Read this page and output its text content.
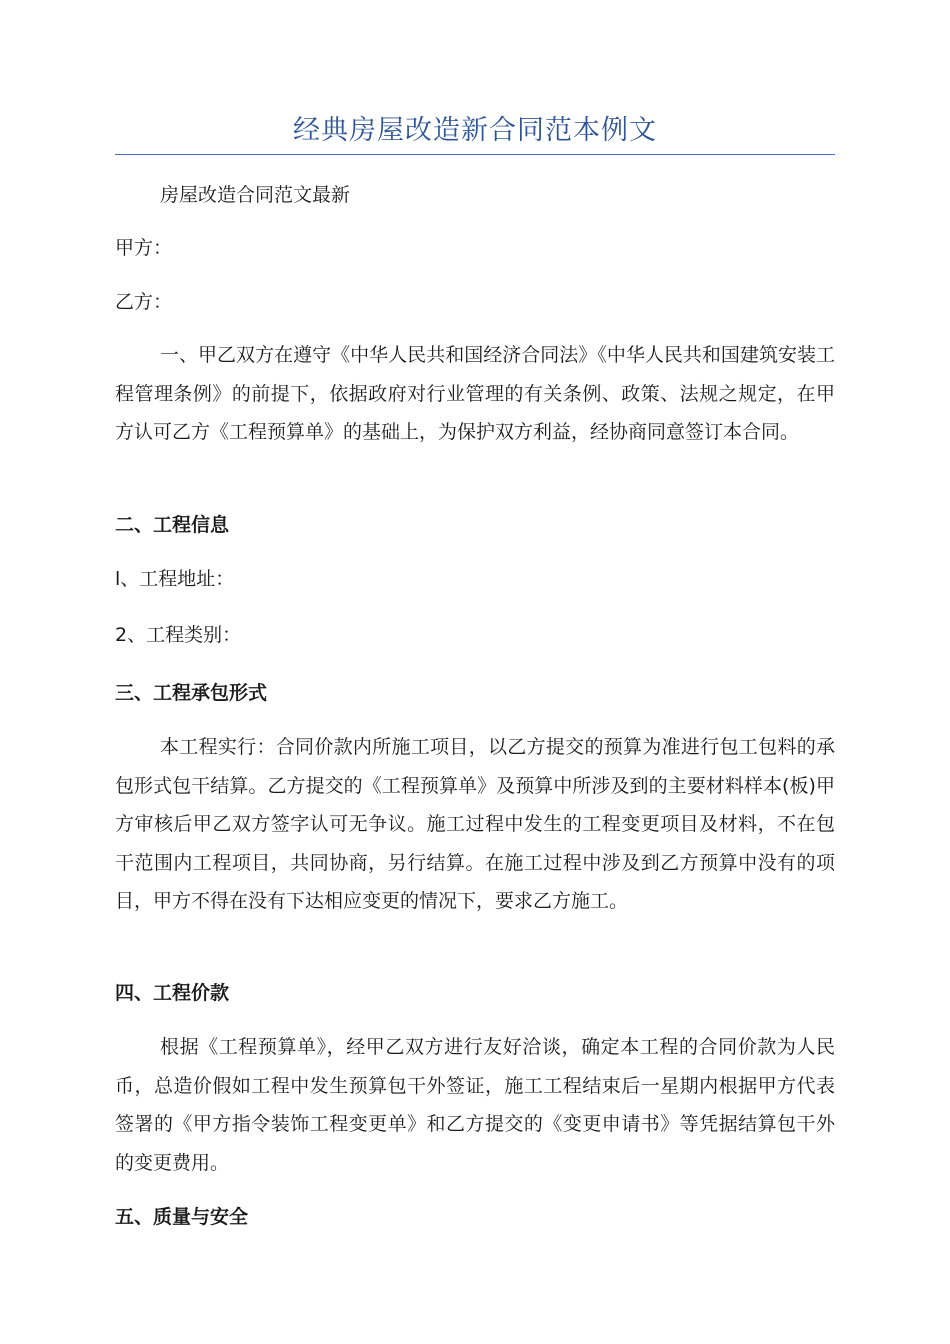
经典房屋改造新合同范本例文

房屋改造合同范文最新

甲方：

乙方：

一、甲乙双方在遵守《中华人民共和国经济合同法》《中华人民共和国建筑安装工程管理条例》的前提下，依据政府对行业管理的有关条例、政策、法规之规定，在甲方认可乙方《工程预算单》的基础上，为保护双方利益，经协商同意签订本合同。

二、工程信息

l、工程地址：

2、工程类别：

三、工程承包形式

本工程实行：合同价款内所施工项目，以乙方提交的预算为准进行包工包料的承包形式包干结算。乙方提交的《工程预算单》及预算中所涉及到的主要材料样本(板)甲方审核后甲乙双方签字认可无争议。施工过程中发生的工程变更项目及材料，不在包干范围内工程项目，共同协商，另行结算。在施工过程中涉及到乙方预算中没有的项目，甲方不得在没有下达相应变更的情况下，要求乙方施工。

四、工程价款

根据《工程预算单》，经甲乙双方进行友好洽谈，确定本工程的合同价款为人民币，总造价假如工程中发生预算包干外签证，施工工程结束后一星期内根据甲方代表签署的《甲方指令装饰工程变更单》和乙方提交的《变更申请书》等凭据结算包干外的变更费用。

五、质量与安全
